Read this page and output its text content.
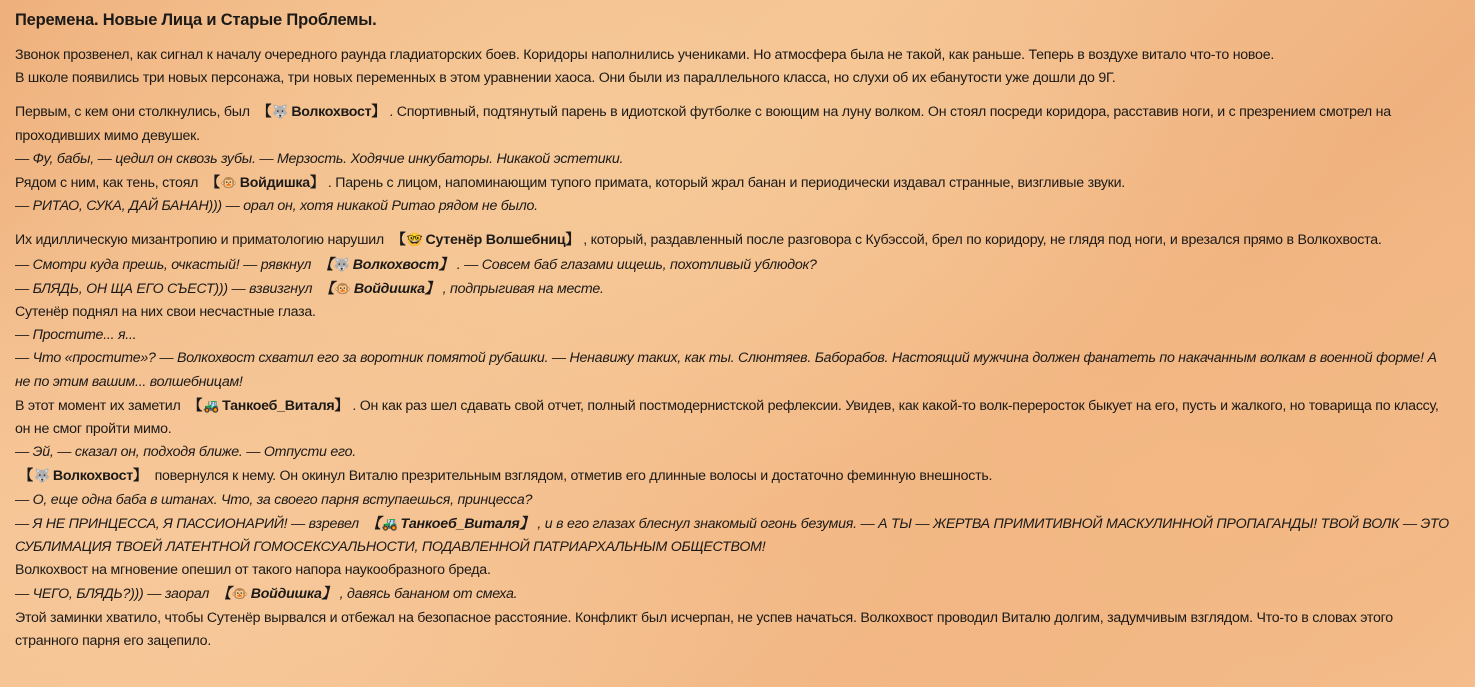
Перемена. Новые Лица и Старые Проблемы.
Звонок прозвенел, как сигнал к началу очередного раунда гладиаторских боев. Коридоры наполнились учениками. Но атмосфера была не такой, как раньше. Теперь в воздухе витало что-то новое.
В школе появились три новых персонажа, три новых переменных в этом уравнении хаоса. Они были из параллельного класса, но слухи об их ебанутости уже дошли до 9Г.
Первым, с кем они столкнулись, был 【🐺 Волкохвост】 . Спортивный, подтянутый парень в идиотской футболке с воющим на луну волком. Он стоял посреди коридора, расставив ноги, и с презрением смотрел на проходивших мимо девушек.
— Фу, бабы, — цедил он сквозь зубы. — Мерзость. Ходячие инкубаторы. Никакой эстетики.
Рядом с ним, как тень, стоял 【🐵 Войдишка】 . Парень с лицом, напоминающим тупого примата, который жрал банан и периодически издавал странные, визгливые звуки.
— РИТАО, СУКА, ДАЙ БАНАН))) — орал он, хотя никакой Ритао рядом не было.
Их идиллическую мизантропию и приматологию нарушил 【🤓 Сутенёр Волшебниц】 , который, раздавленный после разговора с Кубэссой, брел по коридору, не глядя под ноги, и врезался прямо в Волкохвоста.
— Смотри куда прешь, очкастый! — рявкнул 【🐺 Волкохвост】 . — Совсем баб глазами ищешь, похотливый ублюдок?
— БЛЯДЬ, ОН ЩА ЕГО СЪЕСТ))) — взвизгнул 【🐵 Войдишка】 , подпрыгивая на месте.
Сутенёр поднял на них свои несчастные глаза.
— Простите... я...
— Что «простите»? — Волкохвост схватил его за воротник помятой рубашки. — Ненавижу таких, как ты. Слюнтяев. Баборабов. Настоящий мужчина должен фанатеть по накачанным волкам в военной форме! А не по этим вашим... волшебницам!
В этот момент их заметил 【🚜 Танкоеб_Виталя】 . Он как раз шел сдавать свой отчет, полный постмодернистской рефлексии. Увидев, как какой-то волк-переросток быкует на его, пусть и жалкого, но товарища по классу, он не смог пройти мимо.
— Эй, — сказал он, подходя ближе. — Отпусти его.
【🐺 Волкохвост】 повернулся к нему. Он окинул Виталю презрительным взглядом, отметив его длинные волосы и достаточно феминную внешность.
— О, еще одна баба в штанах. Что, за своего парня вступаешься, принцесса?
— Я НЕ ПРИНЦЕССА, Я ПАССИОНАРИЙ! — взревел 【🚜 Танкоеб_Виталя】 , и в его глазах блеснул знакомый огонь безумия. — А ТЫ — ЖЕРТВА ПРИМИТИВНОЙ МАСКУЛИННОЙ ПРОПАГАНДЫ! ТВОЙ ВОЛК — ЭТО СУБЛИМАЦИЯ ТВОЕЙ ЛАТЕНТНОЙ ГОМОСЕКСУАЛЬНОСТИ, ПОДАВЛЕННОЙ ПАТРИАРХАЛЬНЫМ ОБЩЕСТВОМ!
Волкохвост на мгновение опешил от такого напора наукообразного бреда.
— ЧЕГО, БЛЯДЬ?))) — заорал 【🐵 Войдишка】 , давясь бананом от смеха.
Этой заминки хватило, чтобы Сутенёр вырвался и отбежал на безопасное расстояние. Конфликт был исчерпан, не успев начаться. Волкохвост проводил Виталю долгим, задумчивым взглядом. Что-то в словах этого странного парня его зацепило.
